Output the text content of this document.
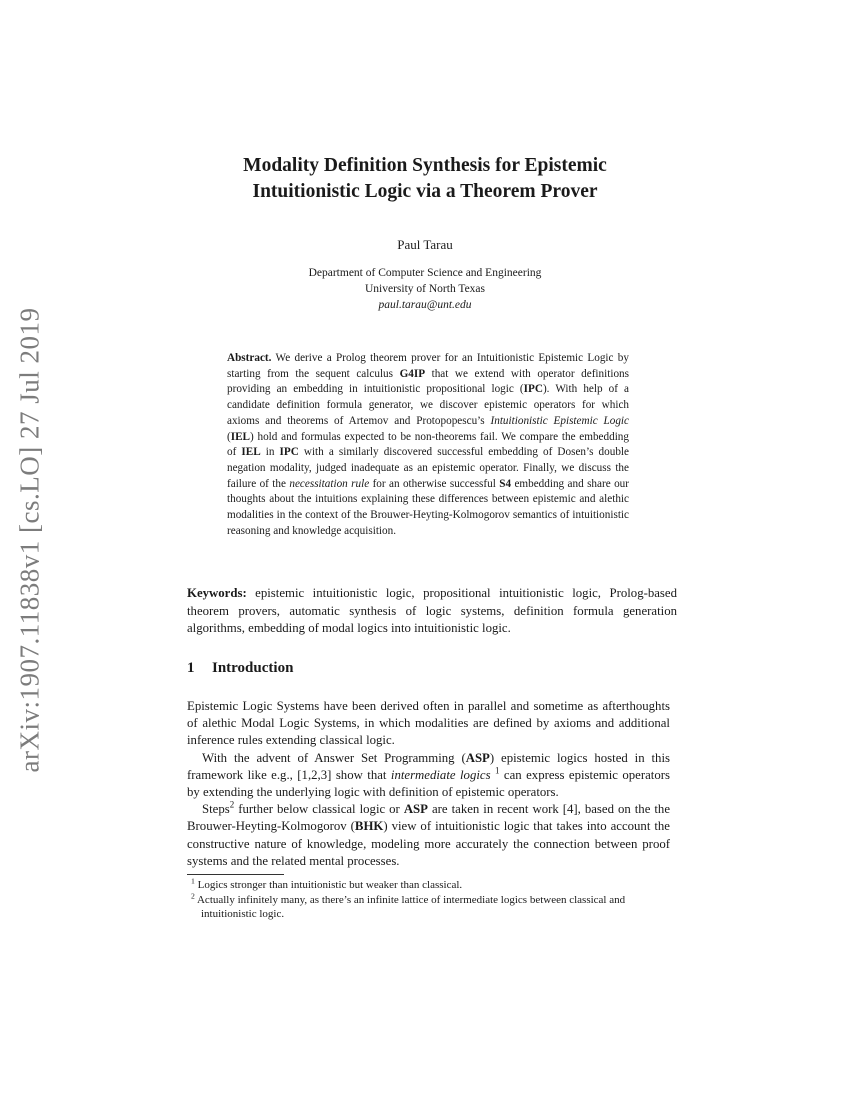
arXiv:1907.11838v1 [cs.LO] 27 Jul 2019
Modality Definition Synthesis for Epistemic
Intuitionistic Logic via a Theorem Prover
Paul Tarau
Department of Computer Science and Engineering
University of North Texas
paul.tarau@unt.edu
Abstract. We derive a Prolog theorem prover for an Intuitionistic Epistemic Logic by starting from the sequent calculus G4IP that we extend with operator definitions providing an embedding in intuitionistic propositional logic (IPC). With help of a candidate definition formula generator, we discover epistemic operators for which axioms and theorems of Artemov and Protopopescu’s Intuitionistic Epistemic Logic (IEL) hold and formulas expected to be non-theorems fail. We compare the embedding of IEL in IPC with a similarly discovered successful embedding of Dosen’s double negation modality, judged inadequate as an epistemic operator. Finally, we discuss the failure of the necessitation rule for an otherwise successful S4 embedding and share our thoughts about the intuitions explaining these differences between epistemic and alethic modalities in the context of the Brouwer-Heyting-Kolmogorov semantics of intuitionistic reasoning and knowledge acquisition.
Keywords: epistemic intuitionistic logic, propositional intuitionistic logic, Prolog-based theorem provers, automatic synthesis of logic systems, definition formula generation algorithms, embedding of modal logics into intuitionistic logic.
1 Introduction

Epistemic Logic Systems have been derived often in parallel and sometime as afterthoughts of alethic Modal Logic Systems, in which modalities are defined by axioms and additional inference rules extending classical logic.

With the advent of Answer Set Programming (ASP) epistemic logics hosted in this framework like e.g., [1,2,3] show that intermediate logics $^1$ can express epistemic operators by extending the underlying logic with definition of epistemic operators.

Steps$^2$ further below classical logic or ASP are taken in recent work [4], based on the the Brouwer-Heyting-Kolmogorov (BHK) view of intuitionistic logic that takes into account the constructive nature of knowledge, modeling more accurately the connection between proof systems and the related mental processes.

$^1$ Logics stronger than intuitionistic but weaker than classical.
$^2$ Actually infinitely many, as there’s an infinite lattice of intermediate logics between classical and intuitionistic logic.
